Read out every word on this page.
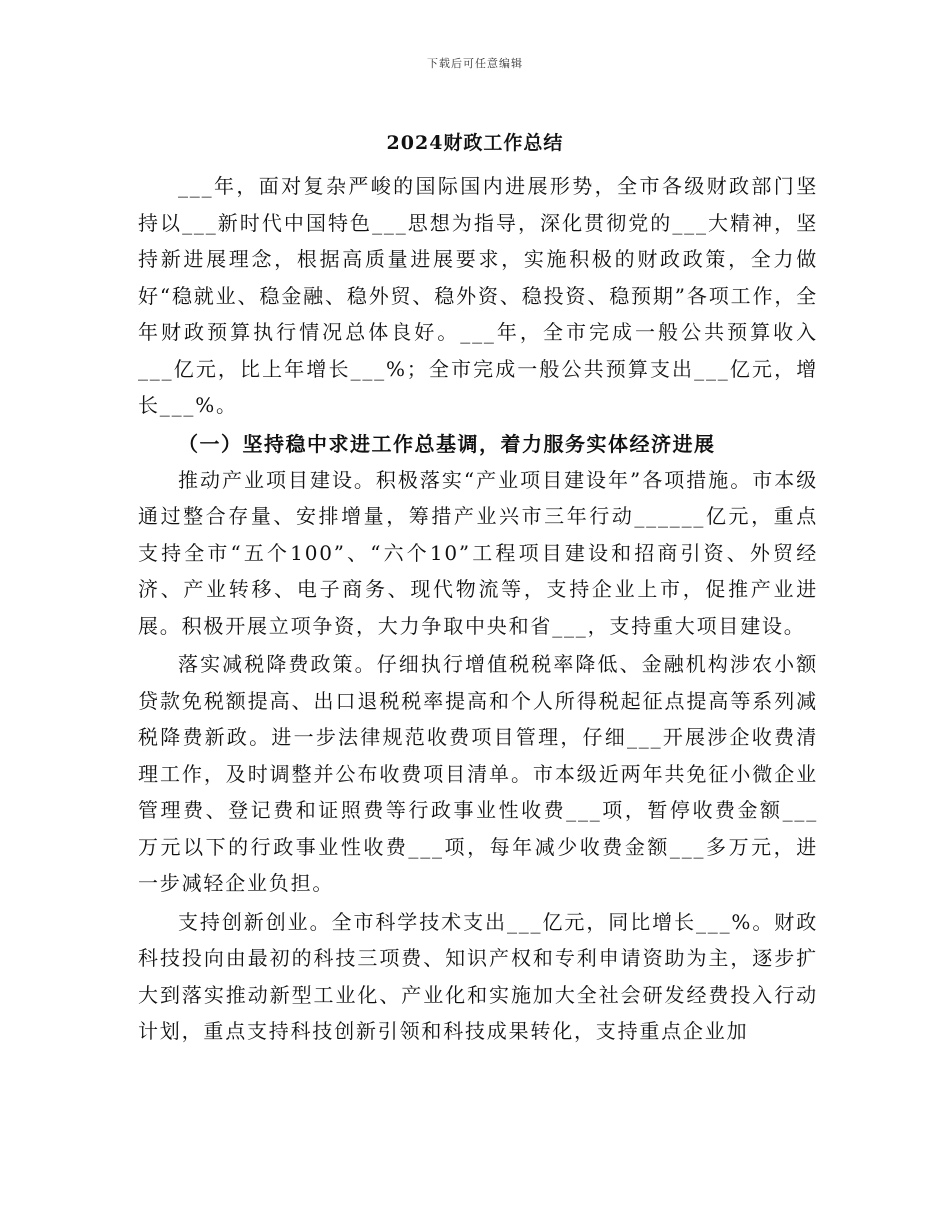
下载后可任意编辑
2024财政工作总结

___年，面对复杂严峻的国际国内进展形势，全市各级财政部门坚持以___新时代中国特色___思想为指导，深化贯彻党的___大精神，坚持新进展理念，根据高质量进展要求，实施积极的财政政策，全力做好“稳就业、稳金融、稳外贸、稳外资、稳投资、稳预期”各项工作，全年财政预算执行情况总体良好。___年，全市完成一般公共预算收入___亿元，比上年增长___%；全市完成一般公共预算支出___亿元，增长___%。

（一）坚持稳中求进工作总基调，着力服务实体经济进展

推动产业项目建设。积极落实“产业项目建设年”各项措施。市本级通过整合存量、安排增量，筹措产业兴市三年行动______亿元，重点支持全市“五个100”、“六个10”工程项目建设和招商引资、外贸经济、产业转移、电子商务、现代物流等，支持企业上市，促推产业进展。积极开展立项争资，大力争取中央和省___，支持重大项目建设。

落实减税降费政策。仔细执行增值税税率降低、金融机构涉农小额贷款免税额提高、出口退税税率提高和个人所得税起征点提高等系列减税降费新政。进一步法律规范收费项目管理，仔细___开展涉企收费清理工作，及时调整并公布收费项目清单。市本级近两年共免征小微企业管理费、登记费和证照费等行政事业性收费___项，暂停收费金额___万元以下的行政事业性收费___项，每年减少收费金额___多万元，进一步减轻企业负担。

支持创新创业。全市科学技术支出___亿元，同比增长___%。财政科技投向由最初的科技三项费、知识产权和专利申请资助为主，逐步扩大到落实推动新型工业化、产业化和实施加大全社会研发经费投入行动计划，重点支持科技创新引领和科技成果转化，支持重点企业加
